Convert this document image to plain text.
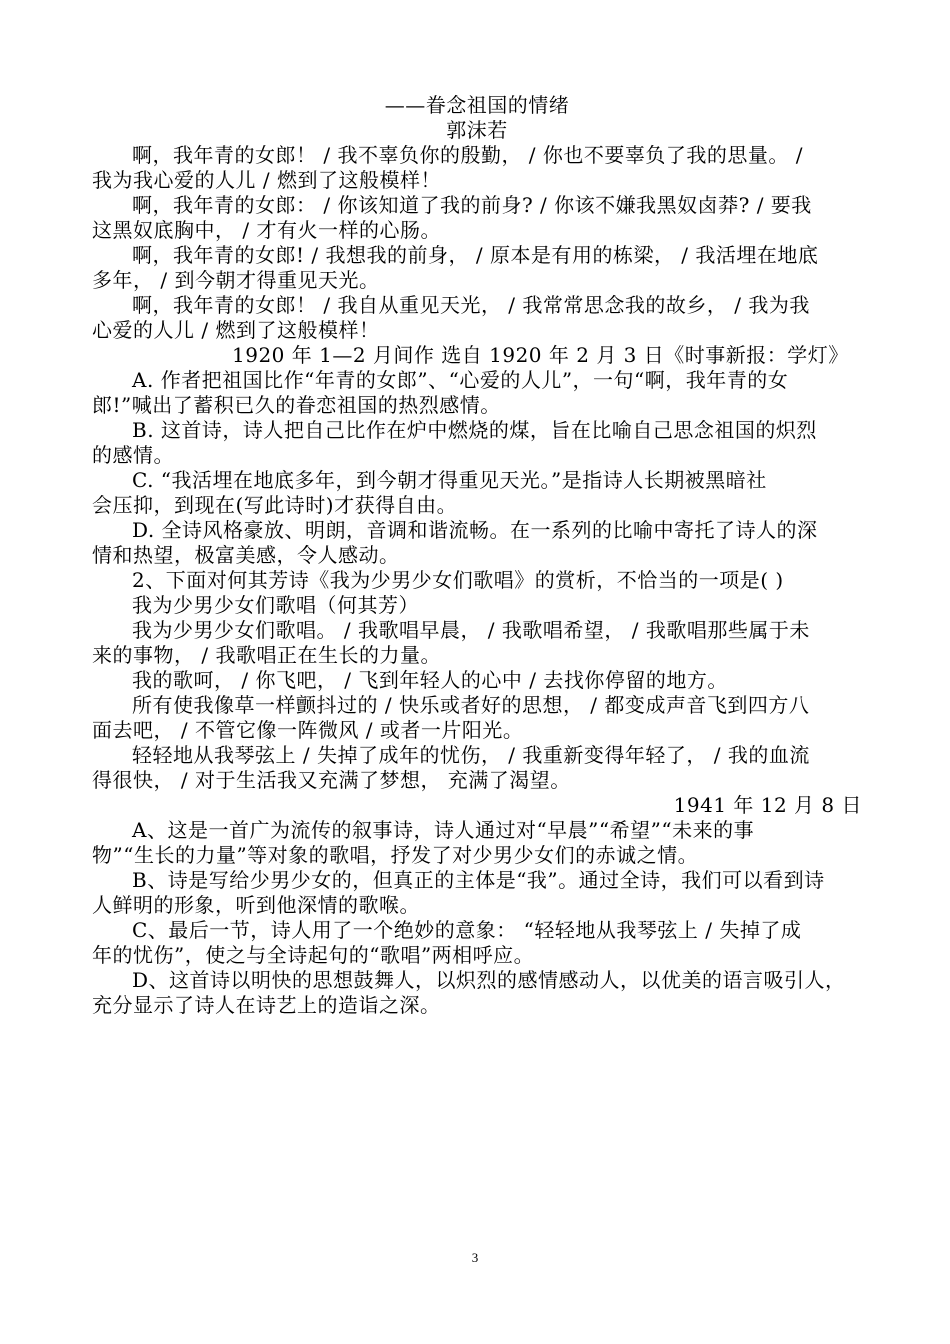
——眷念祖国的情绪
郭沫若
啊，我年青的女郎！ / 我不辜负你的殷勤， / 你也不要辜负了我的思量。 /
我为我心爱的人儿 / 燃到了这般模样！
啊，我年青的女郎： / 你该知道了我的前身? / 你该不嫌我黑奴卤莽? / 要我
这黑奴底胸中， / 才有火一样的心肠。
啊，我年青的女郎! / 我想我的前身， / 原本是有用的栋梁， / 我活埋在地底
多年， / 到今朝才得重见天光。
啊，我年青的女郎！ / 我自从重见天光， / 我常常思念我的故乡， / 我为我
心爱的人儿 / 燃到了这般模样！
1920 年 1—2 月间作 选自 1920 年 2 月 3 日《时事新报：学灯》
A. 作者把祖国比作“年青的女郎”、“心爱的人儿”，一句“啊，我年青的女
郎!”喊出了蓄积已久的眷恋祖国的热烈感情。
B. 这首诗，诗人把自己比作在炉中燃烧的煤，旨在比喻自己思念祖国的炽烈
的感情。
C. “我活埋在地底多年，到今朝才得重见天光。”是指诗人长期被黑暗社
会压抑，到现在(写此诗时)才获得自由。
D. 全诗风格豪放、明朗，音调和谐流畅。在一系列的比喻中寄托了诗人的深
情和热望，极富美感，令人感动。
2、下面对何其芳诗《我为少男少女们歌唱》的赏析，不恰当的一项是( )
我为少男少女们歌唱（何其芳）
我为少男少女们歌唱。 / 我歌唱早晨， / 我歌唱希望， / 我歌唱那些属于未
来的事物， / 我歌唱正在生长的力量。
我的歌呵， / 你飞吧， / 飞到年轻人的心中 / 去找你停留的地方。
所有使我像草一样颤抖过的 / 快乐或者好的思想， / 都变成声音飞到四方八
面去吧， / 不管它像一阵微风 / 或者一片阳光。
轻轻地从我琴弦上 / 失掉了成年的忧伤， / 我重新变得年轻了， / 我的血流
得很快， / 对于生活我又充满了梦想， 充满了渴望。
1941 年 12 月 8 日
A、这是一首广为流传的叙事诗，诗人通过对“早晨”“希望”“未来的事
物”“生长的力量”等对象的歌唱，抒发了对少男少女们的赤诚之情。
B、诗是写给少男少女的，但真正的主体是“我”。通过全诗，我们可以看到诗
人鲜明的形象，听到他深情的歌喉。
C、最后一节，诗人用了一个绝妙的意象： “轻轻地从我琴弦上 / 失掉了成
年的忧伤”，使之与全诗起句的“歌唱”两相呼应。
D、这首诗以明快的思想鼓舞人，以炽烈的感情感动人，以优美的语言吸引人，
充分显示了诗人在诗艺上的造诣之深。
3
